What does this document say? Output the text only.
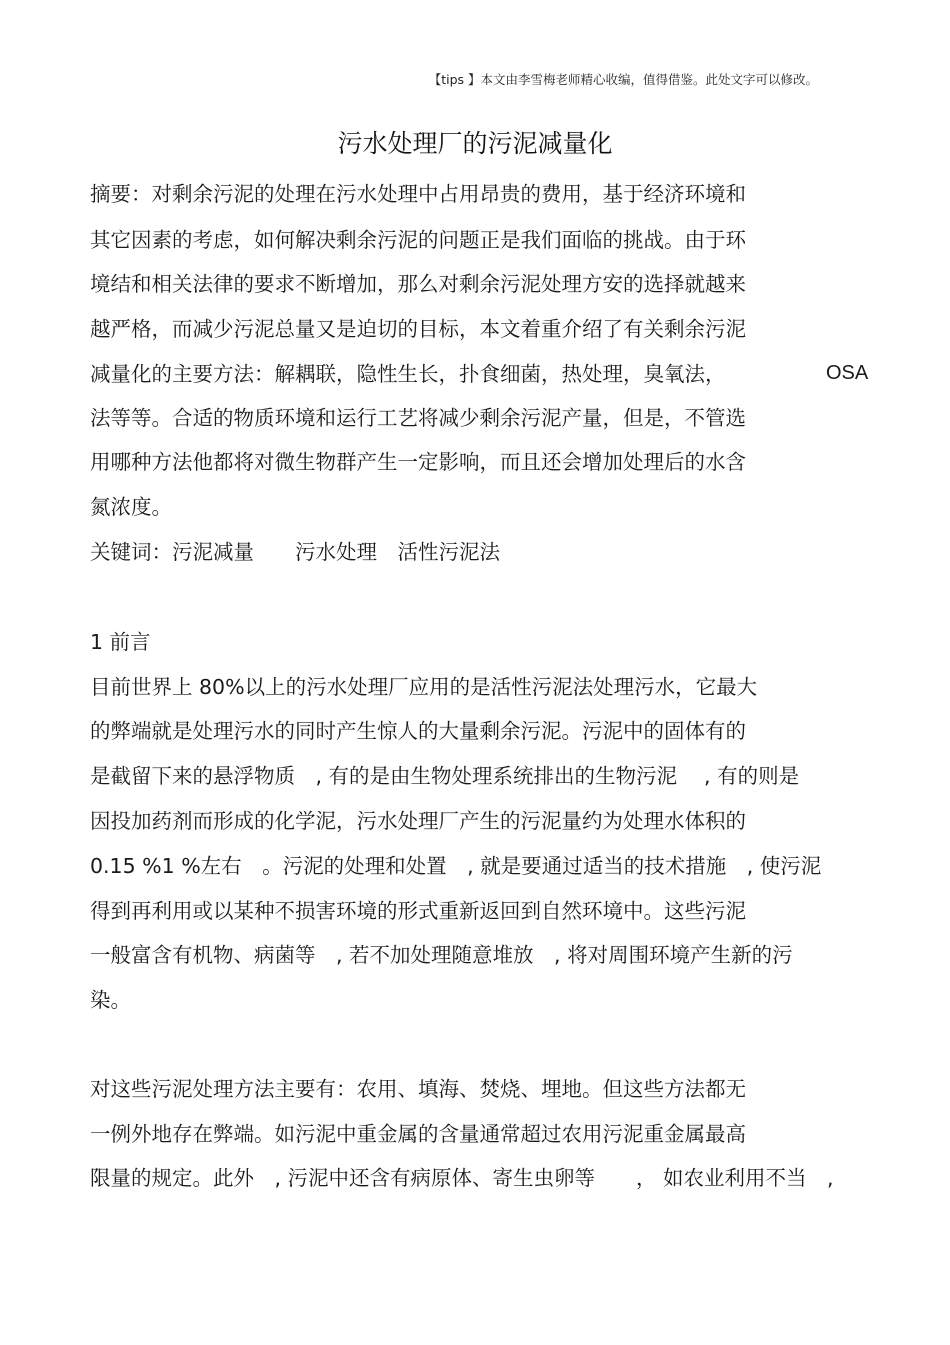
【tips 】本文由李雪梅老师精心收编，值得借鉴。此处文字可以修改。
污水处理厂的污泥减量化
摘要：对剩余污泥的处理在污水处理中占用昂贵的费用，基于经济环境和
其它因素的考虑，如何解决剩余污泥的问题正是我们面临的挑战。由于环
境结和相关法律的要求不断增加，那么对剩余污泥处理方安的选择就越来
越严格，而减少污泥总量又是迫切的目标，本文着重介绍了有关剩余污泥
减量化的主要方法：解耦联，隐性生长，扑食细菌，热处理，臭氧法，	OSA
法等等。合适的物质环境和运行工艺将减少剩余污泥产量，但是，不管选
用哪种方法他都将对微生物群产生一定影响，而且还会增加处理后的水含
氮浓度。
关键词：污泥减量　　污水处理　活性污泥法
1 前言
目前世界上 80%以上的污水处理厂应用的是活性污泥法处理污水，它最大
的弊端就是处理污水的同时产生惊人的大量剩余污泥。污泥中的固体有的
是截留下来的悬浮物质　, 有的是由生物处理系统排出的生物污泥　 , 有的则是
因投加药剂而形成的化学泥，污水处理厂产生的污泥量约为处理水体积的
0.15 %1 %左右　。污泥的处理和处置　, 就是要通过适当的技术措施　, 使污泥
得到再利用或以某种不损害环境的形式重新返回到自然环境中。这些污泥
一般富含有机物、病菌等　, 若不加处理随意堆放　, 将对周围环境产生新的污
染。
对这些污泥处理方法主要有：农用、填海、焚烧、埋地。但这些方法都无
一例外地存在弊端。如污泥中重金属的含量通常超过农用污泥重金属最高
限量的规定。此外　, 污泥中还含有病原体、寄生虫卵等　　， 如农业利用不当　,
